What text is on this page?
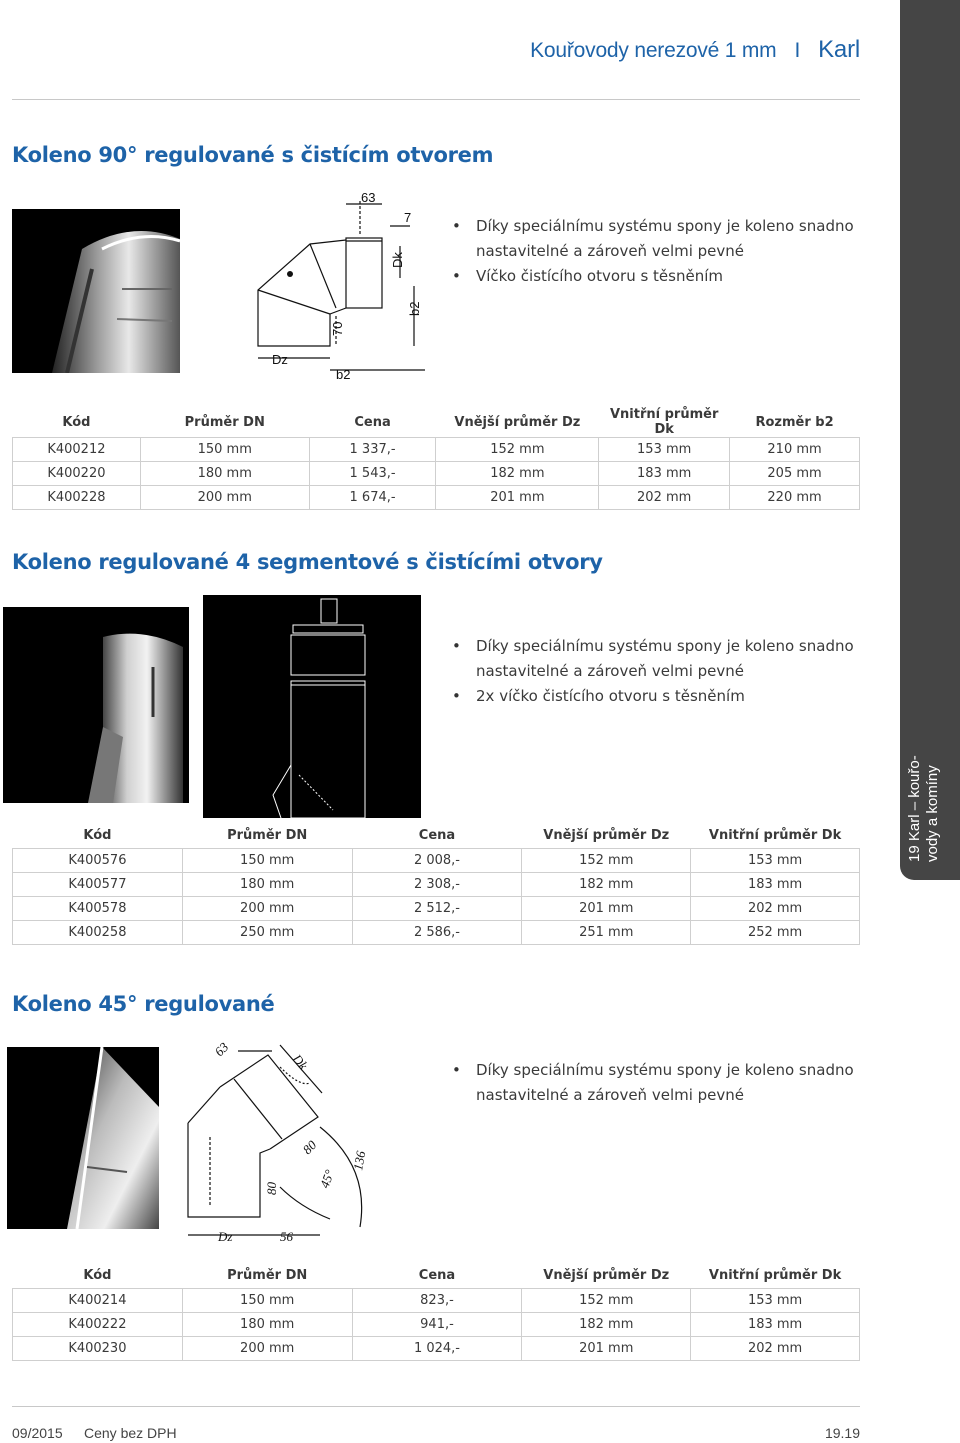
Kouřovody nerezové 1 mm I Karl
19 Karl – kouřo- vody a komíny
Koleno 90° regulované s čistícím otvorem
63
7
Dk
b2
70
Dz
b2
• Díky speciálnímu systému spony je koleno snadno nastavitelné a zároveň velmi pevné
• Víčko čistícího otvoru s těsněním
Kód	Průměr DN	Cena	Vnější průměr Dz	Vnitřní průměr Dk	Rozměr b2
K400212	150 mm	1 337,-	152 mm	153 mm	210 mm
K400220	180 mm	1 543,-	182 mm	183 mm	205 mm
K400228	200 mm	1 674,-	201 mm	202 mm	220 mm
Koleno regulované 4 segmentové s čistícími otvory
• Díky speciálnímu systému spony je koleno snadno nastavitelné a zároveň velmi pevné
• 2x víčko čistícího otvoru s těsněním
Kód	Průměr DN	Cena	Vnější průměr Dz	Vnitřní průměr Dk
K400576	150 mm	2 008,-	152 mm	153 mm
K400577	180 mm	2 308,-	182 mm	183 mm
K400578	200 mm	2 512,-	201 mm	202 mm
K400258	250 mm	2 586,-	251 mm	252 mm
Koleno 45° regulované
63
Dk
80
80	45°
136
Dz	56
• Díky speciálnímu systému spony je koleno snadno nastavitelné a zároveň velmi pevné
Kód	Průměr DN	Cena	Vnější průměr Dz	Vnitřní průměr Dk
K400214	150 mm	823,-	152 mm	153 mm
K400222	180 mm	941,-	182 mm	183 mm
K400230	200 mm	1 024,-	201 mm	202 mm
09/2015 Ceny bez DPH	19.19
